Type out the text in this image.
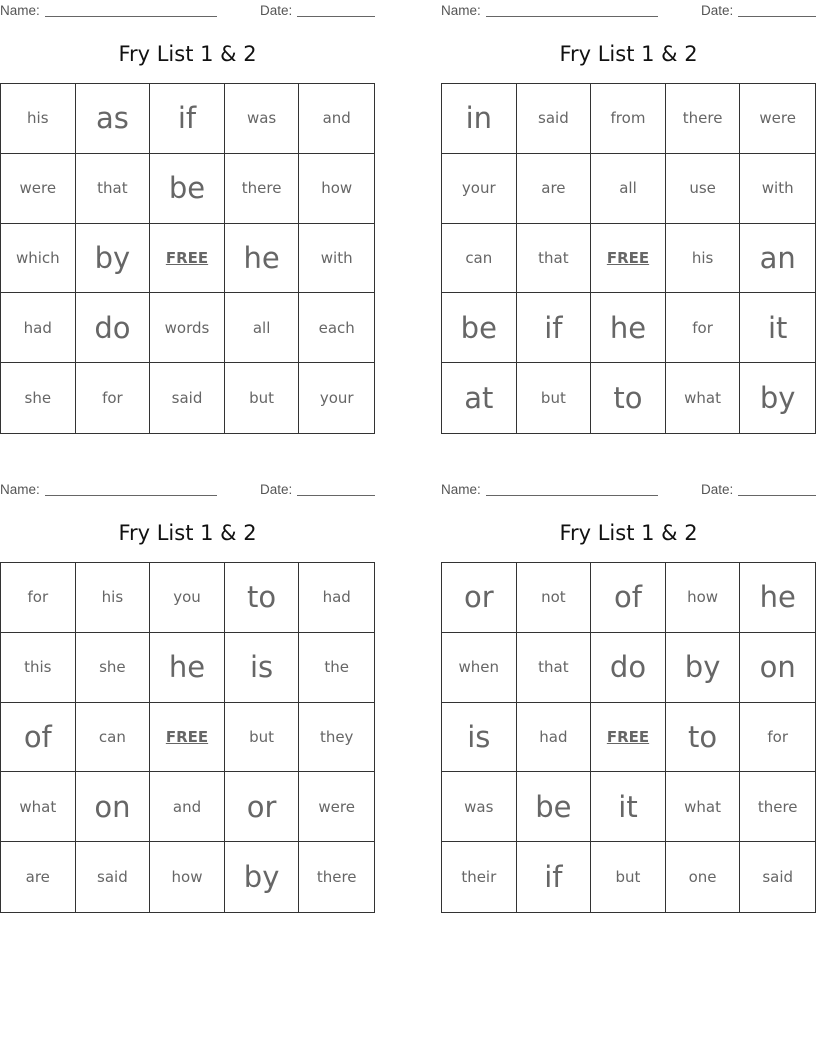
Name:	Date:
Fry List 1 & 2
his	as	if	was	and
were	that	be	there	how
which	by	FREE	he	with
had	do	words	all	each
she	for	said	but	your
Name:	Date:
Fry List 1 & 2
in	said	from	there	were
your	are	all	use	with
can	that	FREE	his	an
be	if	he	for	it
at	but	to	what	by
Name:	Date:
Fry List 1 & 2
for	his	you	to	had
this	she	he	is	the
of	can	FREE	but	they
what	on	and	or	were
are	said	how	by	there
Name:	Date:
Fry List 1 & 2
or	not	of	how	he
when	that	do	by	on
is	had	FREE	to	for
was	be	it	what	there
their	if	but	one	said
